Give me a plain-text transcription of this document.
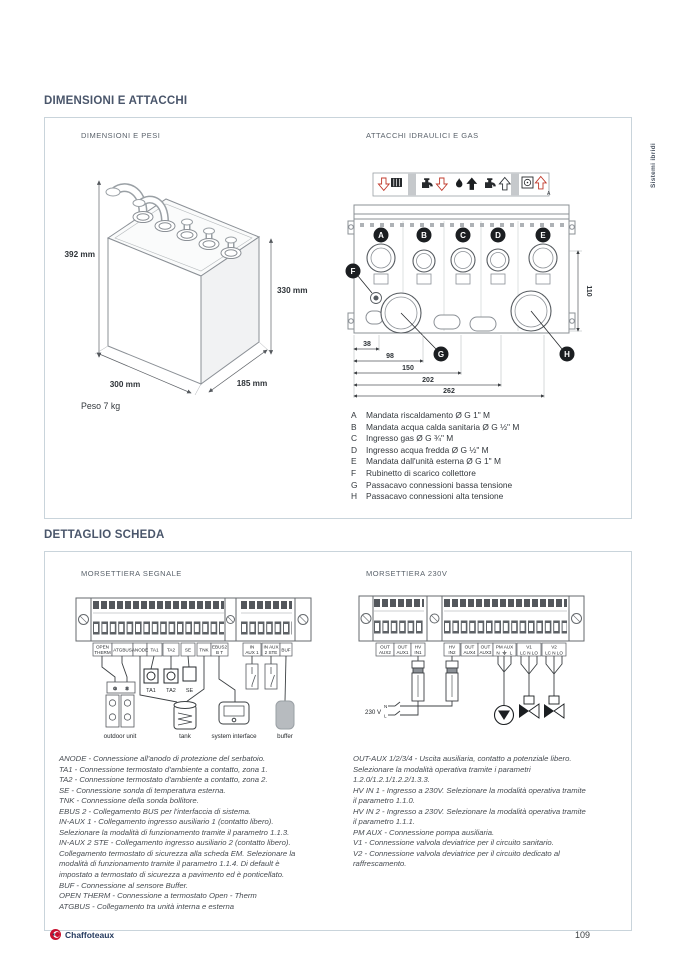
Sistemi ibridi
DIMENSIONI E ATTACCHI
DIMENSIONI E PESI	ATTACCHI IDRAULICI E GAS
392 mm
330 mm
300 mm	185 mm
Peso 7 kg
A
A	B	C	D	E
F
G	H
38
98
150
202
262
110
A	Mandata riscaldamento Ø G 1" M
B	Mandata acqua calda sanitaria Ø G ½" M
C	Ingresso gas Ø G ¾" M
D	Ingresso acqua fredda Ø G ½" M
E	Mandata dall'unità esterna Ø G 1" M
F	Rubinetto di scarico collettore
G	Passacavo connessioni bassa tensione
H	Passacavo connessioni alta tensione
DETTAGLIO SCHEDA
MORSETTIERA SEGNALE	MORSETTIERA 230V
OPEN
THERM ATGBUS ANODE TA1 TA2 SE TNK
EBUS2
B T
IN
AUX 1
IN AUX
2 STE BUF
G S	TA1 TA2 SE
outdoor unit	tank	system interface	buffer
OUT
AUX2
OUT
AUX1
HV
IN1
HV
IN2
OUT
AUX4
OUT
AUX3
PM AUX
N L
V1
LC N LO
V2
LC N LO
230 V
N
L
ANODE - Connessione all'anodo di protezione del serbatoio.
TA1 - Connessione termostato d'ambiente a contatto, zona 1.
TA2 - Connessione termostato d'ambiente a contatto, zona 2.
SE - Connessione sonda di temperatura esterna.
TNK - Connessione della sonda bollitore.
EBUS 2 - Collegamento BUS per l'interfaccia di sistema.
IN-AUX 1 - Collegamento ingresso ausiliario 1 (contatto libero).
Selezionare la modalità di funzionamento tramite il parametro 1.1.3.
IN-AUX 2 STE - Collegamento ingresso ausiliario 2 (contatto libero).
Collegamento termostato di sicurezza alla scheda EM. Selezionare la
modalità di funzionamento tramite il parametro 1.1.4. Di default è
impostato a termostato di sicurezza a pavimento ed è ponticellato.
BUF - Connessione al sensore Buffer.
OPEN THERM - Connessione a termostato Open - Therm
ATGBUS - Collegamento tra unità interna e esterna
OUT-AUX 1/2/3/4 - Uscita ausiliaria, contatto a potenziale libero.
Selezionare la modalità operativa tramite i parametri
1.2.0/1.2.1/1.2.2/1.3.3.
HV IN 1 - Ingresso a 230V. Selezionare la modalità operativa tramite
il parametro 1.1.0.
HV IN 2 - Ingresso a 230V. Selezionare la modalità operativa tramite
il parametro 1.1.1.
PM AUX - Connessione pompa ausiliaria.
V1 - Connessione valvola deviatrice per il circuito sanitario.
V2 - Connessione valvola deviatrice per il circuito dedicato al
raffrescamento.
Chaffoteaux	109
